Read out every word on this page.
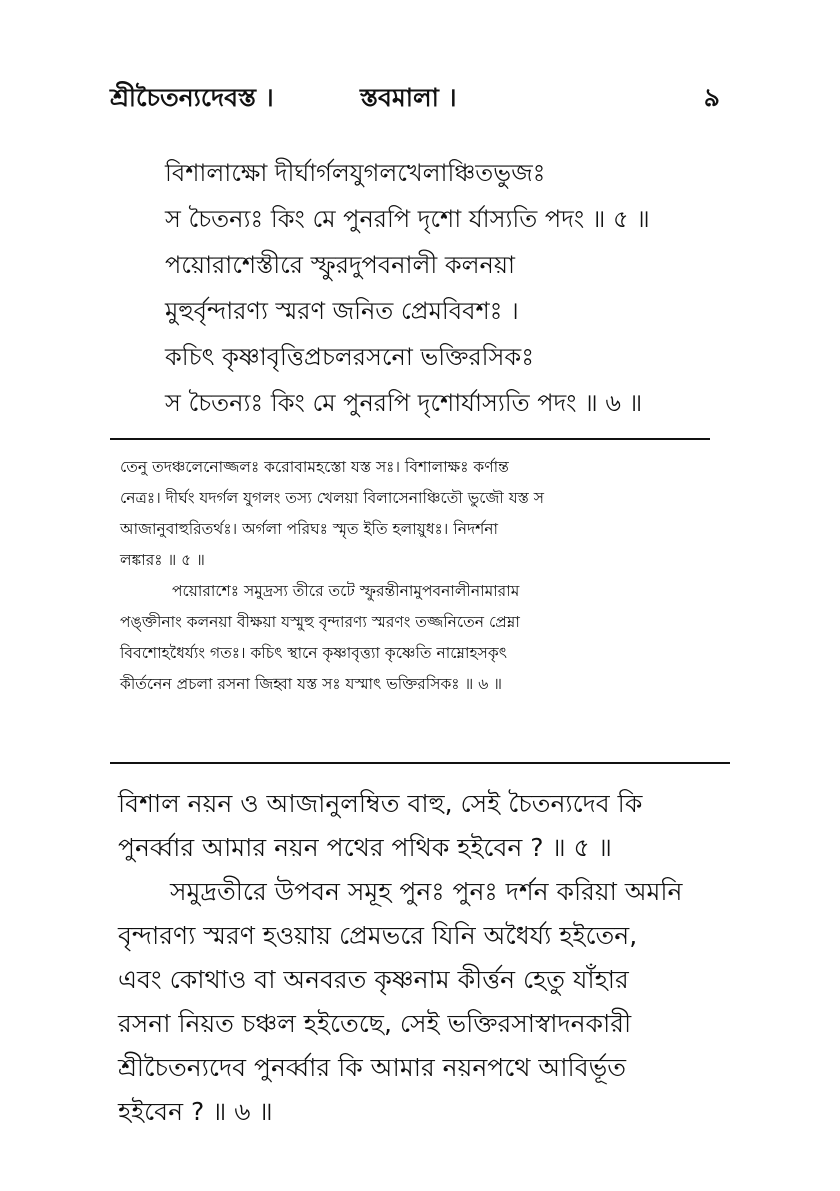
শ্রীচৈতন্যদেবস্ত ।	স্তবমালা ।	৯
বিশালাক্ষো দীর্ঘার্গলযুগলখেলাঞ্চিতভুজঃ
স চৈতন্যঃ কিং মে পুনরপি দৃশো র্যাস্যতি পদং ॥ ৫ ॥
পয়োরাশেস্তীরে স্ফুরদুপবনালী কলনয়া
মুহুর্বৃন্দারণ্য স্মরণ জনিত প্রেমবিবশঃ ।
কচিৎ কৃষ্ণাবৃত্তিপ্রচলরসনো ভক্তিরসিকঃ
স চৈতন্যঃ কিং মে পুনরপি দৃশোর্যাস্যতি পদং ॥ ৬ ॥
তেনু তদঞ্চলেনোজ্জলঃ করোবামহস্তো যস্ত সঃ। বিশালাক্ষঃ কর্ণান্ত
নেত্রঃ। দীর্ঘং যদর্গল যুগলং তস্য খেলয়া বিলাসেনাঞ্চিতৌ ভুজৌ যস্ত স
আজানুবাহুরিতর্থঃ। অর্গলা পরিঘঃ স্মৃত ইতি হলায়ুধঃ। নিদর্শনা
লঙ্কারঃ ॥ ৫ ॥
পয়োরাশেঃ সমুদ্রস্য তীরে তটে স্ফুরন্তীনামুপবনালীনামারাম
পঙ্‌ক্তীনাং কলনয়া বীক্ষয়া যস্মুহু বৃন্দারণ্য স্মরণং তজ্জনিতেন প্রেম্না
বিবশোহধৈর্য্যং গতঃ। কচিৎ স্থানে কৃষ্ণাবৃত্ত্যা কৃষ্ণেতি নাম্নোহসকৃৎ
কীর্তনেন প্রচলা রসনা জিহ্বা যস্ত সঃ যস্মাৎ ভক্তিরসিকঃ ॥ ৬ ॥
বিশাল নয়ন ও আজানুলম্বিত বাহু, সেই চৈতন্যদেব কি
পুনর্ব্বার আমার নয়ন পথের পথিক হইবেন ? ॥ ৫ ॥
সমুদ্রতীরে উপবন সমূহ পুনঃ পুনঃ দর্শন করিয়া অমনি
বৃন্দারণ্য স্মরণ হওয়ায় প্রেমভরে যিনি অধৈর্য্য হইতেন,
এবং কোথাও বা অনবরত কৃষ্ণনাম কীর্ত্তন হেতু যাঁহার
রসনা নিয়ত চঞ্চল হইতেছে, সেই ভক্তিরসাস্বাদনকারী
শ্রীচৈতন্যদেব পুনর্ব্বার কি আমার নয়নপথে আবির্ভূত
হইবেন ? ॥ ৬ ॥
